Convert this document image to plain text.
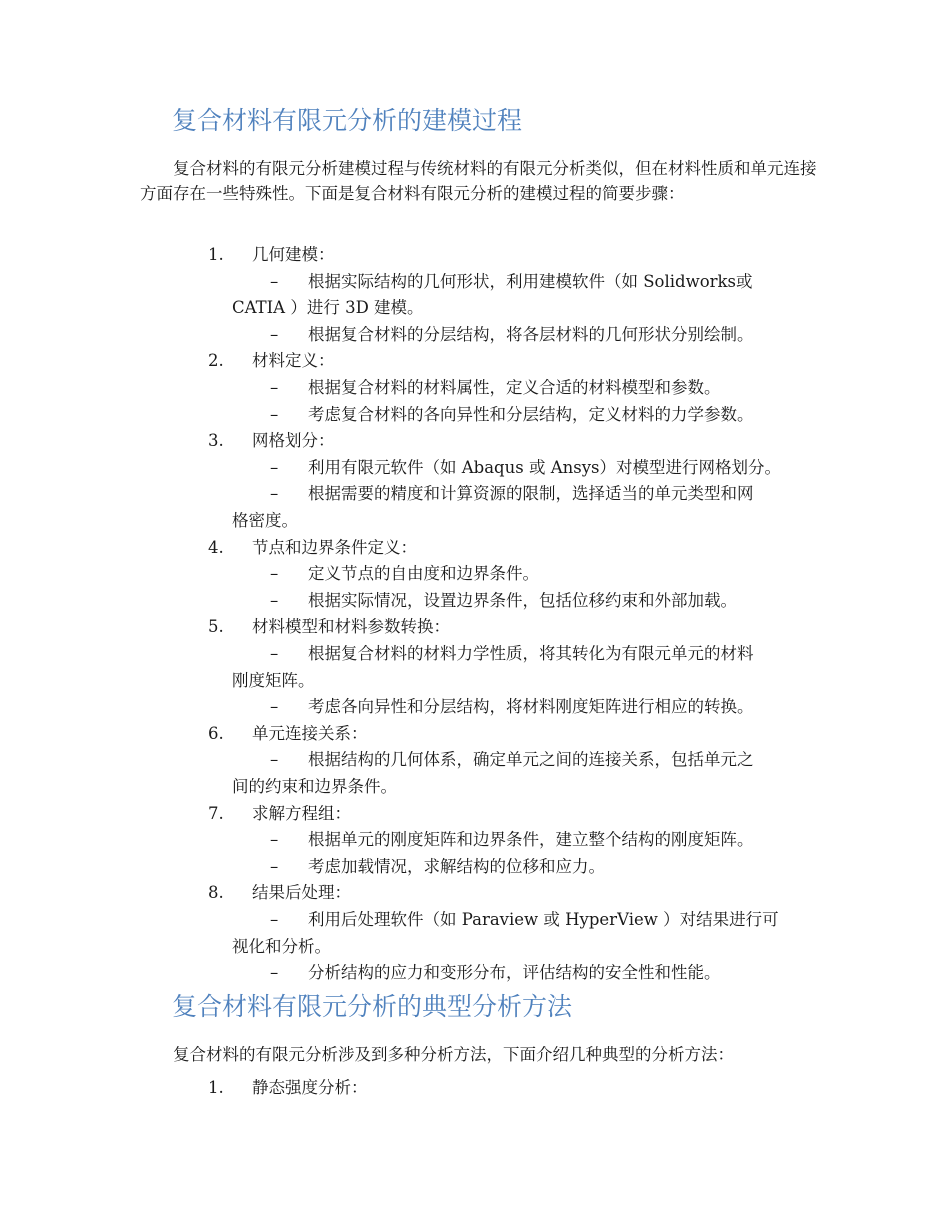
复合材料有限元分析的建模过程

复合材料的有限元分析建模过程与传统材料的有限元分析类似，但在材料性质和单元连接方面存在一些特殊性。下面是复合材料有限元分析的建模过程的简要步骤：

1. 几何建模：
– 根据实际结构的几何形状，利用建模软件（如 Solidworks或
CATIA ）进行 3D 建模。
– 根据复合材料的分层结构，将各层材料的几何形状分别绘制。
2. 材料定义：
– 根据复合材料的材料属性，定义合适的材料模型和参数。
– 考虑复合材料的各向异性和分层结构，定义材料的力学参数。
3. 网格划分：
– 利用有限元软件（如 Abaqus 或 Ansys）对模型进行网格划分。
– 根据需要的精度和计算资源的限制，选择适当的单元类型和网
格密度。
4. 节点和边界条件定义：
– 定义节点的自由度和边界条件。
– 根据实际情况，设置边界条件，包括位移约束和外部加载。
5. 材料模型和材料参数转换：
– 根据复合材料的材料力学性质，将其转化为有限元单元的材料
刚度矩阵。
– 考虑各向异性和分层结构，将材料刚度矩阵进行相应的转换。
6. 单元连接关系：
– 根据结构的几何体系，确定单元之间的连接关系，包括单元之
间的约束和边界条件。
7. 求解方程组：
– 根据单元的刚度矩阵和边界条件，建立整个结构的刚度矩阵。
– 考虑加载情况，求解结构的位移和应力。
8. 结果后处理：
– 利用后处理软件（如 Paraview 或 HyperView ）对结果进行可
视化和分析。
– 分析结构的应力和变形分布，评估结构的安全性和性能。
复合材料有限元分析的典型分析方法

复合材料的有限元分析涉及到多种分析方法，下面介绍几种典型的分析方法：

1. 静态强度分析：
